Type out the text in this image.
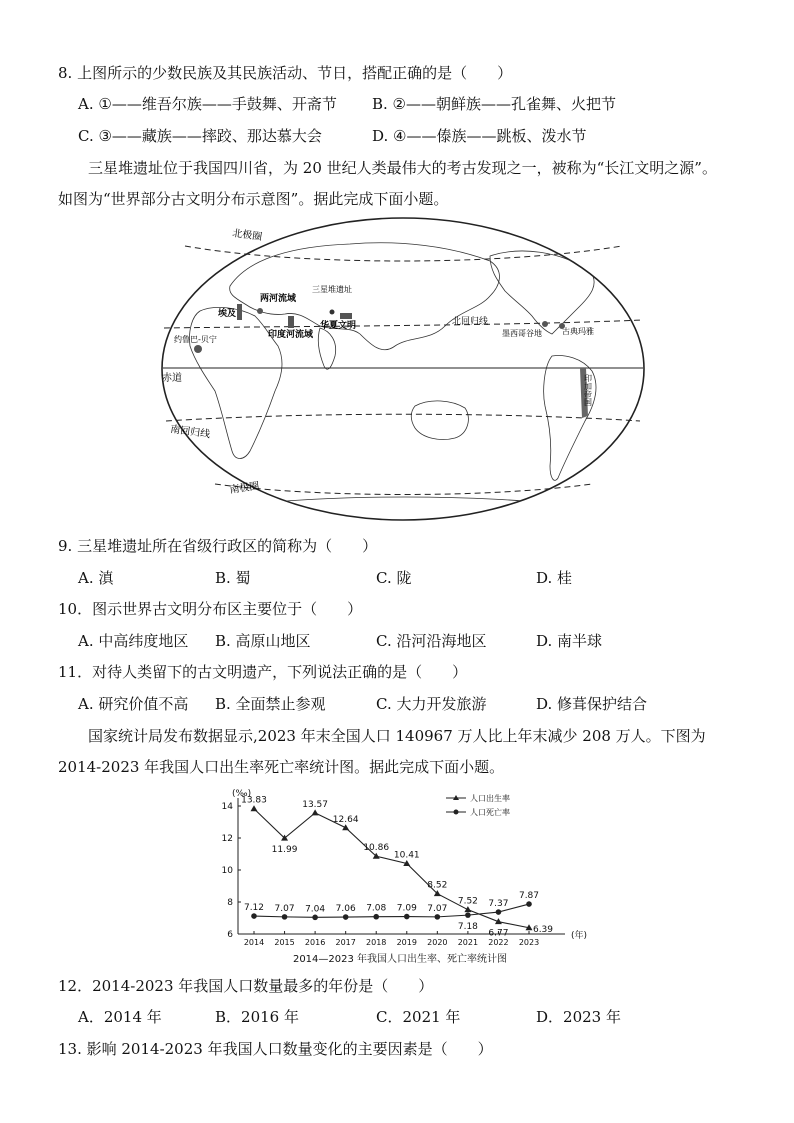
8. 上图所示的少数民族及其民族活动、节日，搭配正确的是（　　）
A. ①——维吾尔族——手鼓舞、开斋节 B. ②——朝鲜族——孔雀舞、火把节
C. ③——藏族——摔跤、那达慕大会	D. ④——傣族——跳板、泼水节
三星堆遗址位于我国四川省，为 20 世纪人类最伟大的考古发现之一，被称为“长江文明之源”。
如图为“世界部分古文明分布示意图”。据此完成下面小题。
北极圈
北回归线
赤道
南回归线
南极圈
埃及
两河流域
印度河流域
三星堆遗址
华夏文明
约鲁巴-贝宁
墨西哥谷地	古典玛雅
印加帝国
9. 三星堆遗址所在省级行政区的简称为（　　）
A. 滇	B. 蜀	C. 陇	D. 桂
10．图示世界古文明分布区主要位于（　　）
A. 中高纬度地区 B. 高原山地区	C. 沿河沿海地区	D. 南半球
11．对待人类留下的古文明遗产，下列说法正确的是（　　）
A. 研究价值不高 B. 全面禁止参观	C. 大力开发旅游	D. 修葺保护结合
国家统计局发布数据显示,2023 年末全国人口 140967 万人比上年末减少 208 万人。下图为
2014-2023 年我国人口出生率死亡率统计图。据此完成下面小题。
(‰)
(年)
6
8
10
12
14
2014 2015 2016 2017 2018 2019 2020 2021 2022 2023
13.83
11.99
13.57
12.64
10.86
10.41
8.52
7.52
6.77	6.39
7.12 7.07 7.04 7.06 7.08 7.09 7.07
7.18
7.37
7.87
人口出生率
人口死亡率
2014—2023 年我国人口出生率、死亡率统计图
12．2014-2023 年我国人口数量最多的年份是（　　）
A．2014 年	B．2016 年	C．2021 年	D．2023 年
13. 影响 2014-2023 年我国人口数量变化的主要因素是（　　）
